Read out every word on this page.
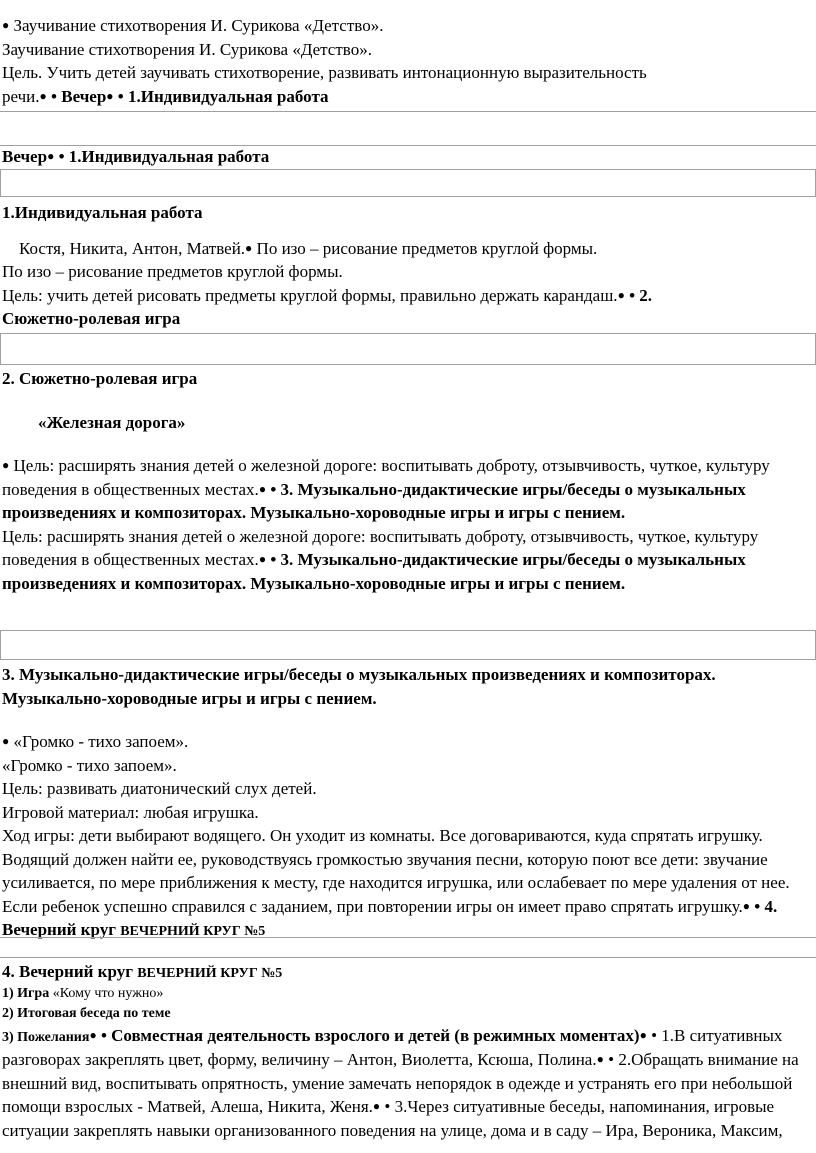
● Заучивание стихотворения И. Сурикова «Детство».

Заучивание стихотворения И. Сурикова «Детство».

Цель. Учить детей заучивать стихотворение, развивать интонационную выразительность

речи.● • Вечер● • 1.Индивидуальная работа

Вечер● • 1.Индивидуальная работа

1.Индивидуальная работа

Костя, Никита, Антон, Матвей.● По изо – рисование предметов круглой формы.

По изо – рисование предметов круглой формы.

Цель: учить детей рисовать предметы круглой формы, правильно держать карандаш.● • 2.

Сюжетно-ролевая игра

2. Сюжетно-ролевая игра

«Железная дорога»

● Цель: расширять знания детей о железной дороге: воспитывать доброту, отзывчивость, чуткое, культуру поведения в общественных местах.● • 3. Музыкально-дидактические игры/беседы о музыкальных произведениях и композиторах. Музыкально-хороводные игры и игры с пением.

Цель: расширять знания детей о железной дороге: воспитывать доброту, отзывчивость, чуткое, культуру поведения в общественных местах.● • 3. Музыкально-дидактические игры/беседы о музыкальных произведениях и композиторах. Музыкально-хороводные игры и игры с пением.

3. Музыкально-дидактические игры/беседы о музыкальных произведениях и композиторах. Музыкально-хороводные игры и игры с пением.

● «Громко - тихо запоем».

«Громко - тихо запоем».

Цель: развивать диатонический слух детей.

Игровой материал: любая игрушка.

Ход игры: дети выбирают водящего. Он уходит из комнаты. Все договариваются, куда спрятать игрушку. Водящий должен найти ее, руководствуясь громкостью звучания песни, которую поют все дети: звучание усиливается, по мере приближения к месту, где находится игрушка, или ослабевает по мере удаления от нее. Если ребенок успешно справился с заданием, при повторении игры он имеет право спрятать игрушку.● • 4. Вечерний круг ВЕЧЕРНИЙ КРУГ №5

4. Вечерний круг ВЕЧЕРНИЙ КРУГ №5

1) Игра «Кому что нужно»

2) Итоговая беседа по теме

3) Пожелания● • Совместная деятельность взрослого и детей (в режимных моментах)● • 1.В ситуативных разговорах закреплять цвет, форму, величину – Антон, Виолетта, Ксюша, Полина.● • 2.Обращать внимание на внешний вид, воспитывать опрятность, умение замечать непорядок в одежде и устранять его при небольшой помощи взрослых - Матвей, Алеша, Никита, Женя.● • 3.Через ситуативные беседы, напоминания, игровые ситуации закреплять навыки организованного поведения на улице, дома и в саду – Ира, Вероника, Максим,
